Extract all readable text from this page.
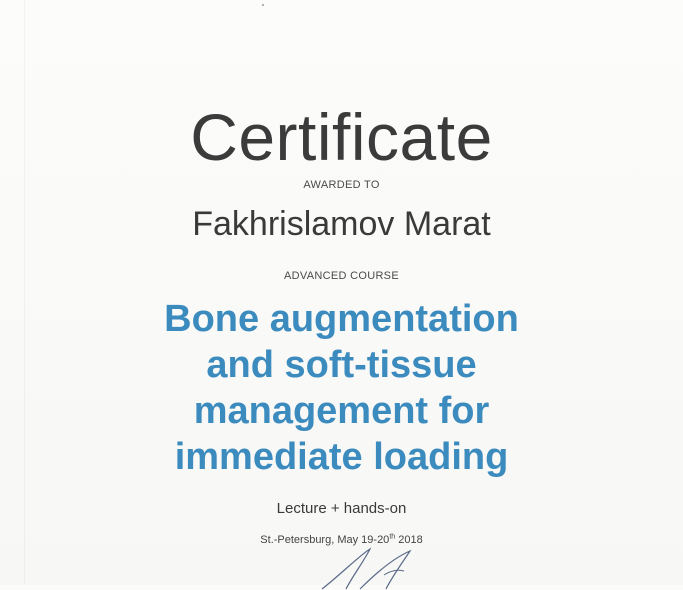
Certificate
AWARDED TO
Fakhrislamov Marat
ADVANCED COURSE
Bone augmentation
and soft-tissue
management for
immediate loading
Lecture + hands-on
St.-Petersburg, May 19-20th 2018
